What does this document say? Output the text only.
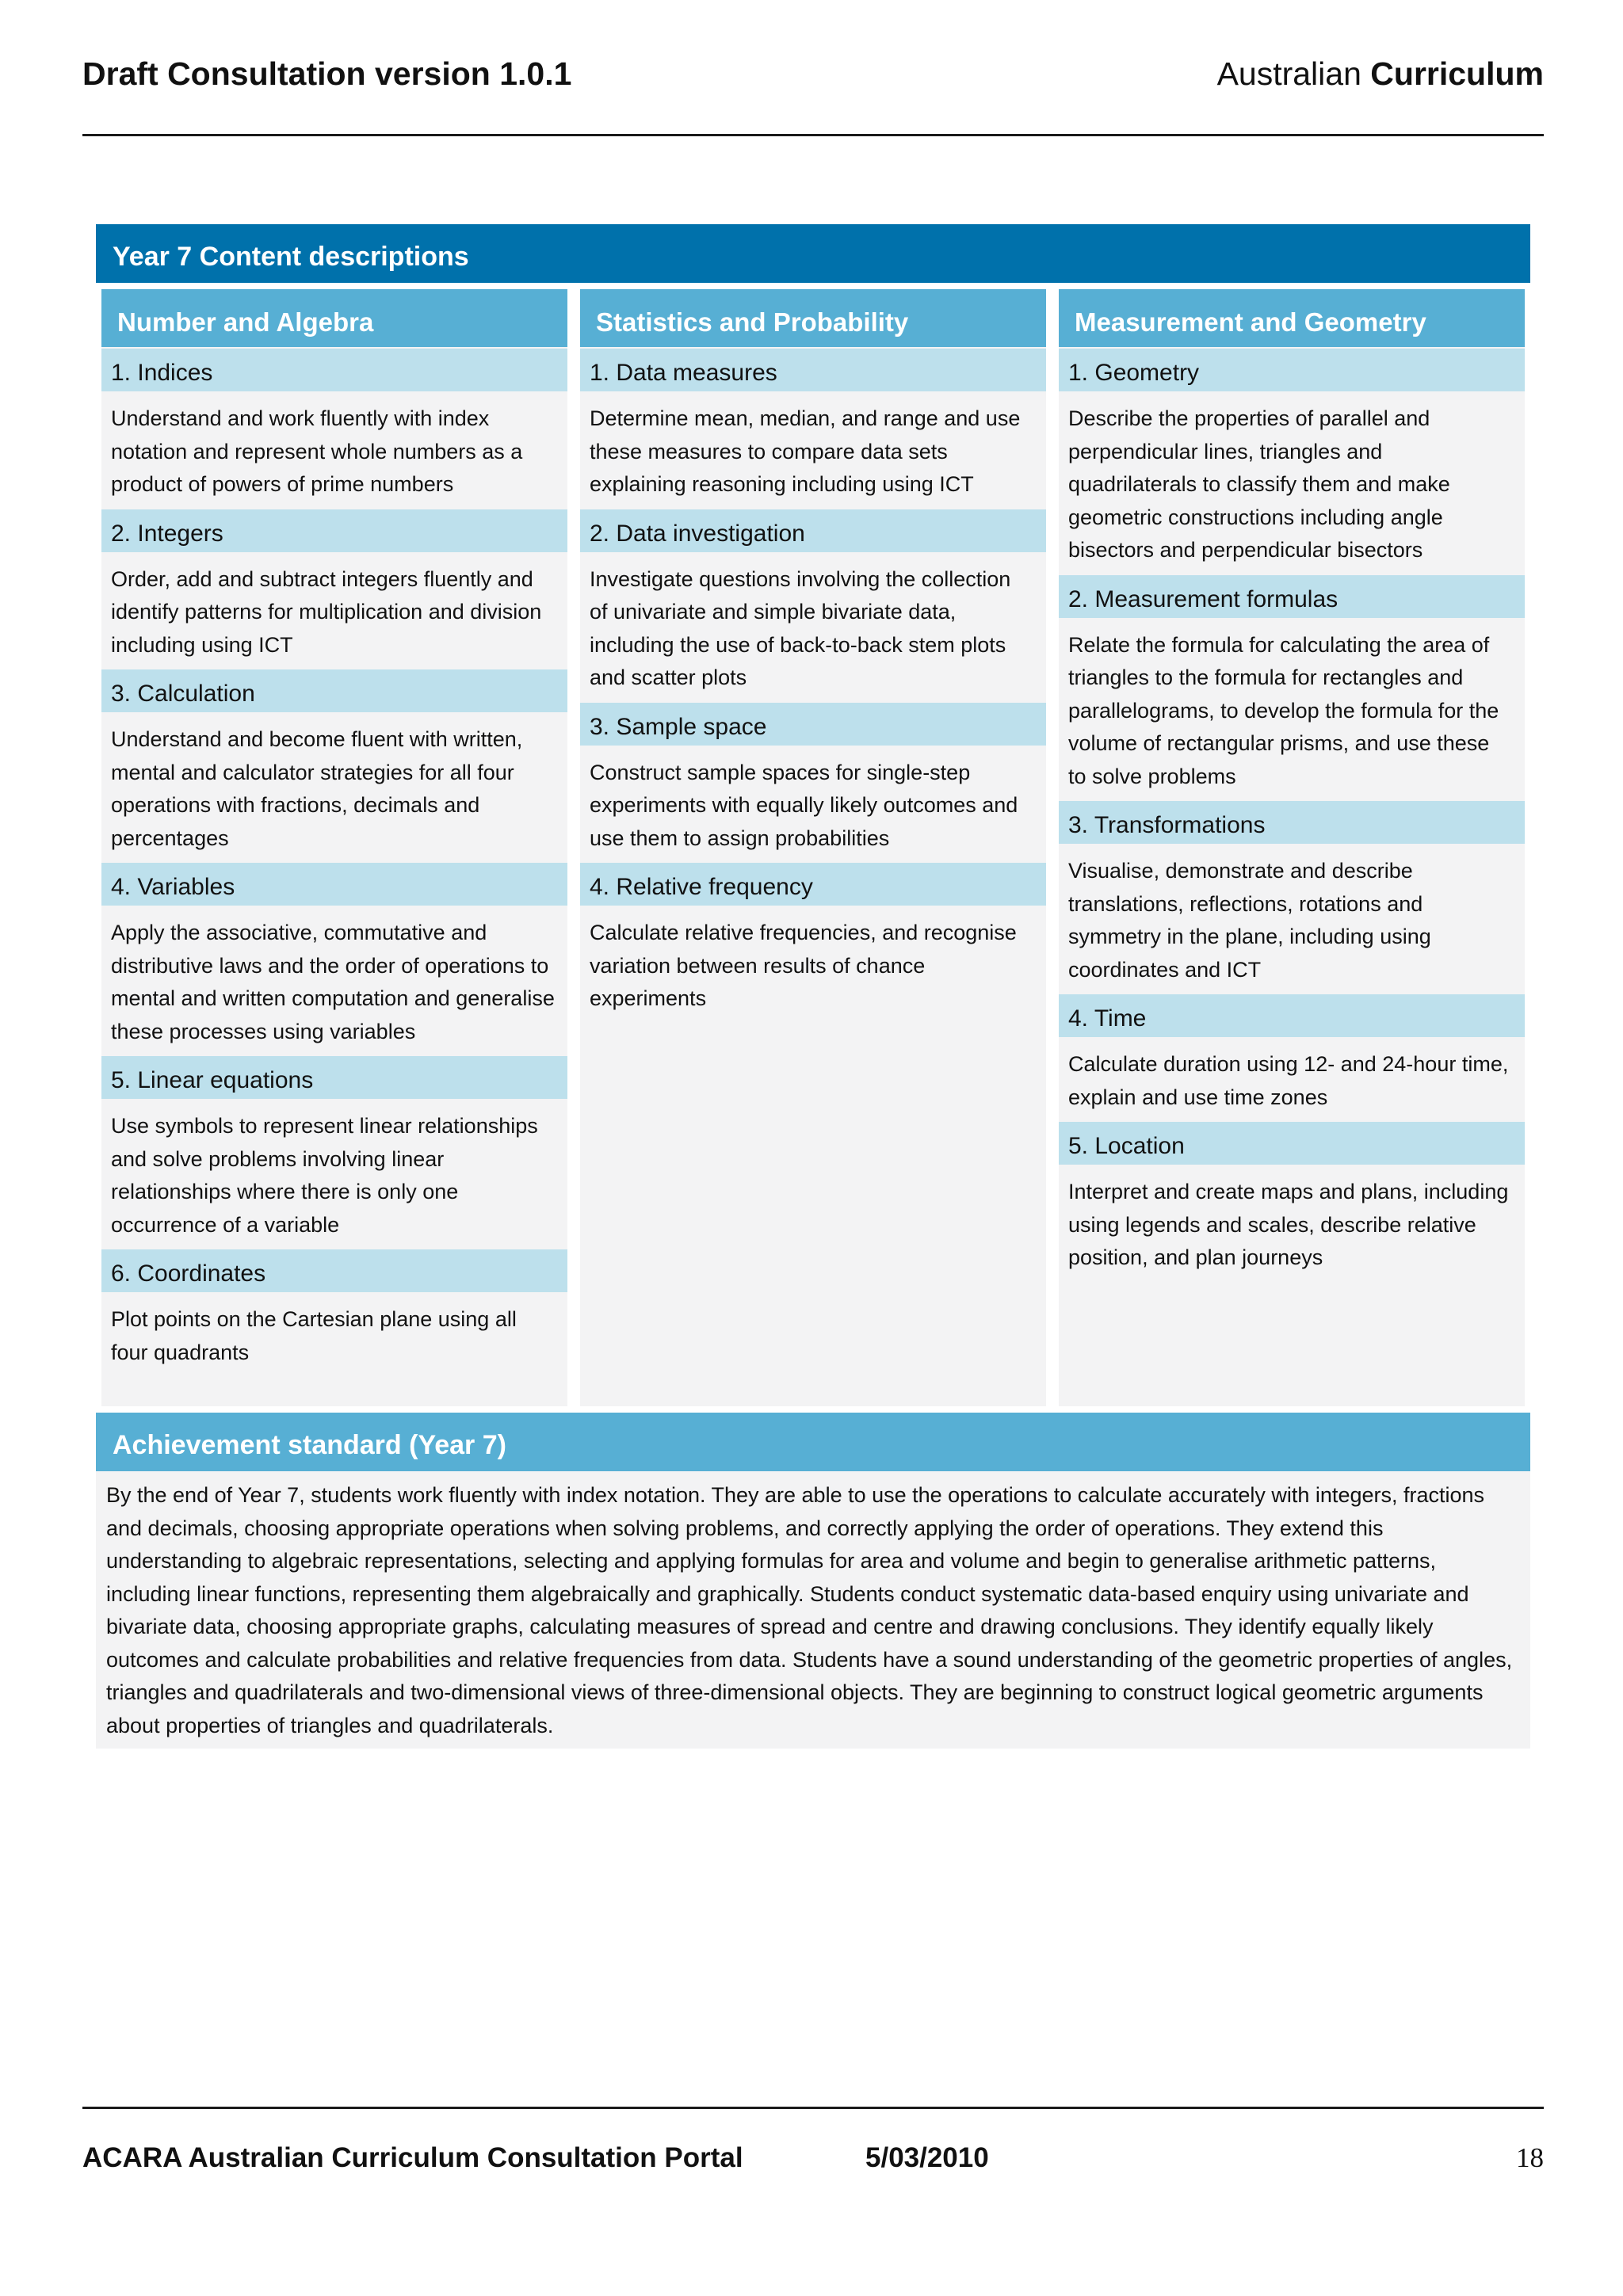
Draft Consultation version 1.0.1	Australian Curriculum
Year 7 Content descriptions
Number and Algebra
1. Indices
Understand and work fluently with index notation and represent whole numbers as a product of powers of prime numbers
2. Integers
Order, add and subtract integers fluently and identify patterns for multiplication and division including using ICT
3. Calculation
Understand and become fluent with written, mental and calculator strategies for all four operations with fractions, decimals and percentages
4. Variables
Apply the associative, commutative and distributive laws and the order of operations to mental and written computation and generalise these processes using variables
5. Linear equations
Use symbols to represent linear relationships and solve problems involving linear relationships where there is only one occurrence of a variable
6. Coordinates
Plot points on the Cartesian plane using all four quadrants
Statistics and Probability
1. Data measures
Determine mean, median, and range and use these measures to compare data sets explaining reasoning including using ICT
2. Data investigation
Investigate questions involving the collection of univariate and simple bivariate data, including the use of back-to-back stem plots and scatter plots
3. Sample space
Construct sample spaces for single-step experiments with equally likely outcomes and use them to assign probabilities
4. Relative frequency
Calculate relative frequencies, and recognise variation between results of chance experiments
Measurement and Geometry
1. Geometry
Describe the properties of parallel and perpendicular lines, triangles and quadrilaterals to classify them and make geometric constructions including angle bisectors and perpendicular bisectors
2. Measurement formulas
Relate the formula for calculating the area of triangles to the formula for rectangles and parallelograms, to develop the formula for the volume of rectangular prisms, and use these to solve problems
3. Transformations
Visualise, demonstrate and describe translations, reflections, rotations and symmetry in the plane, including using coordinates and ICT
4. Time
Calculate duration using 12- and 24-hour time, explain and use time zones
5. Location
Interpret and create maps and plans, including using legends and scales, describe relative position, and plan journeys
Achievement standard (Year 7)
By the end of Year 7, students work fluently with index notation. They are able to use the operations to calculate accurately with integers, fractions and decimals, choosing appropriate operations when solving problems, and correctly applying the order of operations. They extend this understanding to algebraic representations, selecting and applying formulas for area and volume and begin to generalise arithmetic patterns, including linear functions, representing them algebraically and graphically. Students conduct systematic data-based enquiry using univariate and bivariate data, choosing appropriate graphs, calculating measures of spread and centre and drawing conclusions. They identify equally likely outcomes and calculate probabilities and relative frequencies from data. Students have a sound understanding of the geometric properties of angles, triangles and quadrilaterals and two-dimensional views of three-dimensional objects. They are beginning to construct logical geometric arguments about properties of triangles and quadrilaterals.
ACARA Australian Curriculum Consultation Portal	5/03/2010	18
